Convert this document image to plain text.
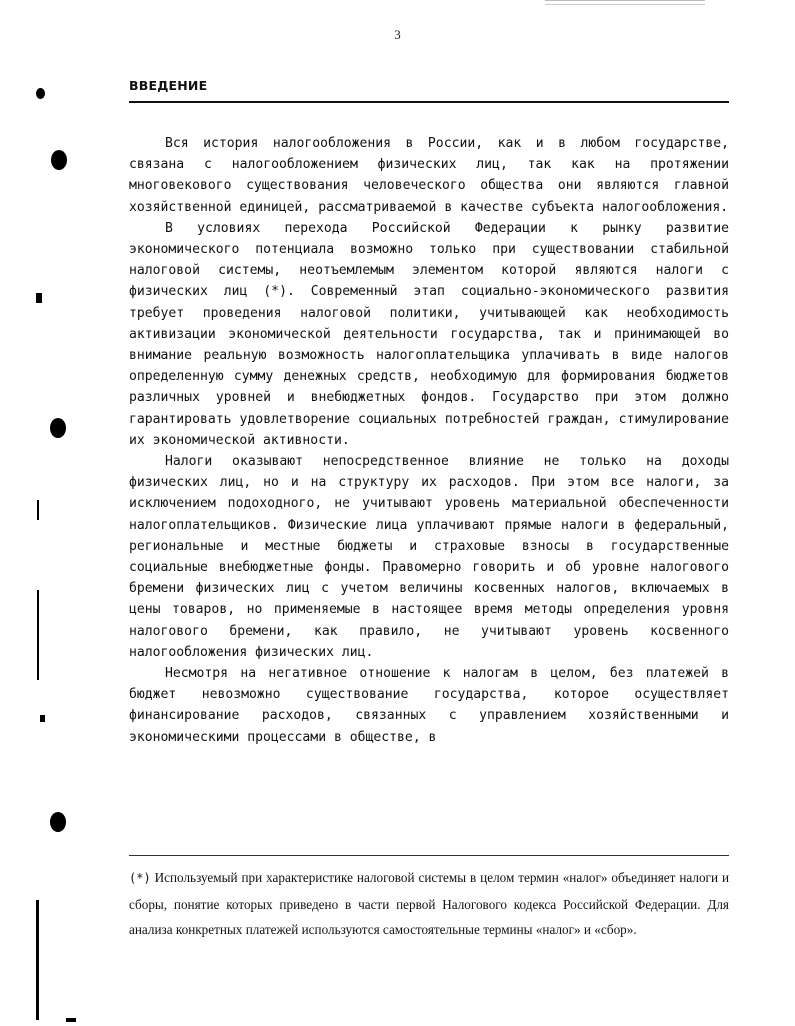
3
ВВЕДЕНИЕ

Вся история налогообложения в России, как и в любом государстве, связана с налогообложением физических лиц, так как на протяжении многовекового существования человеческого общества они являются главной хозяйственной единицей, рассматриваемой в качестве субъекта налогообложения.

В условиях перехода Российской Федерации к рынку развитие экономического потенциала возможно только при существовании стабильной налоговой системы, неотъемлемым элементом которой являются налоги с физических лиц (*). Современный этап социально-экономического развития требует проведения налоговой политики, учитывающей как необходимость активизации экономической деятельности государства, так и принимающей во внимание реальную возможность налогоплательщика уплачивать в виде налогов определенную сумму денежных средств, необходимую для формирования бюджетов различных уровней и внебюджетных фондов. Государство при этом должно гарантировать удовлетворение социальных потребностей граждан, стимулирование их экономической активности.

Налоги оказывают непосредственное влияние не только на доходы физических лиц, но и на структуру их расходов. При этом все налоги, за исключением подоходного, не учитывают уровень материальной обеспеченности налогоплательщиков. Физические лица уплачивают прямые налоги в федеральный, региональные и местные бюджеты и страховые взносы в государственные социальные внебюджетные фонды. Правомерно говорить и об уровне налогового бремени физических лиц с учетом величины косвенных налогов, включаемых в цены товаров, но применяемые в настоящее время методы определения уровня налогового бремени, как правило, не учитывают уровень косвенного налогообложения физических лиц.

Несмотря на негативное отношение к налогам в целом, без платежей в бюджет невозможно существование государства, которое осуществляет финансирование расходов, связанных с управлением хозяйственными и экономическими процессами в обществе, в

(*) Используемый при характеристике налоговой системы в целом термин «налог» объединяет налоги и сборы, понятие которых приведено в части первой Налогового кодекса Российской Федерации. Для анализа конкретных платежей используются самостоятельные термины «налог» и «сбор».
